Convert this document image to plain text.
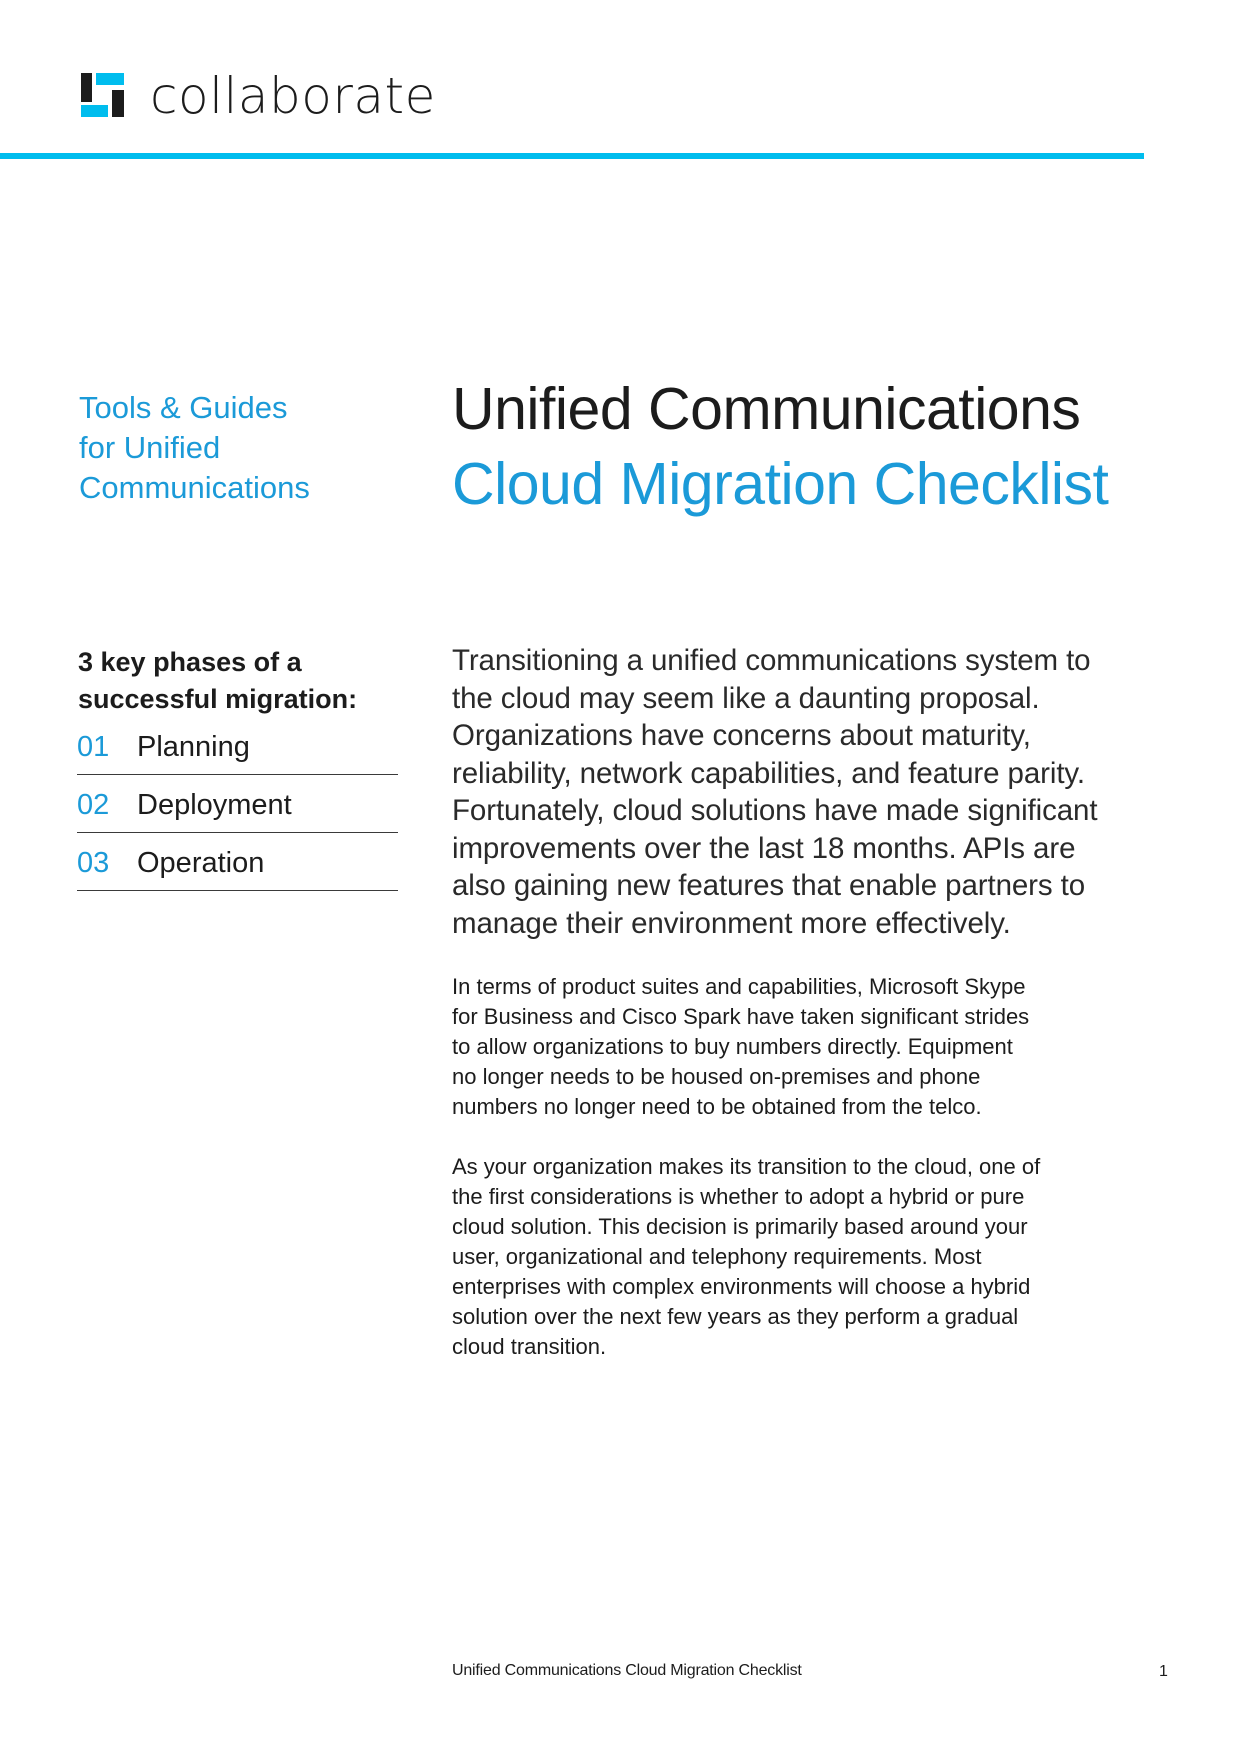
collaborate
Tools & Guides
for Unified
Communications
Unified Communications
Cloud Migration Checklist
3 key phases of a
successful migration:
01 Planning
02 Deployment
03 Operation

Transitioning a unified communications system to
the cloud may seem like a daunting proposal.
Organizations have concerns about maturity,
reliability, network capabilities, and feature parity.
Fortunately, cloud solutions have made significant
improvements over the last 18 months. APIs are
also gaining new features that enable partners to
manage their environment more effectively.

In terms of product suites and capabilities, Microsoft Skype
for Business and Cisco Spark have taken significant strides
to allow organizations to buy numbers directly. Equipment
no longer needs to be housed on-premises and phone
numbers no longer need to be obtained from the telco.

As your organization makes its transition to the cloud, one of
the first considerations is whether to adopt a hybrid or pure
cloud solution. This decision is primarily based around your
user, organizational and telephony requirements. Most
enterprises with complex environments will choose a hybrid
solution over the next few years as they perform a gradual
cloud transition.

Unified Communications Cloud Migration Checklist	1
